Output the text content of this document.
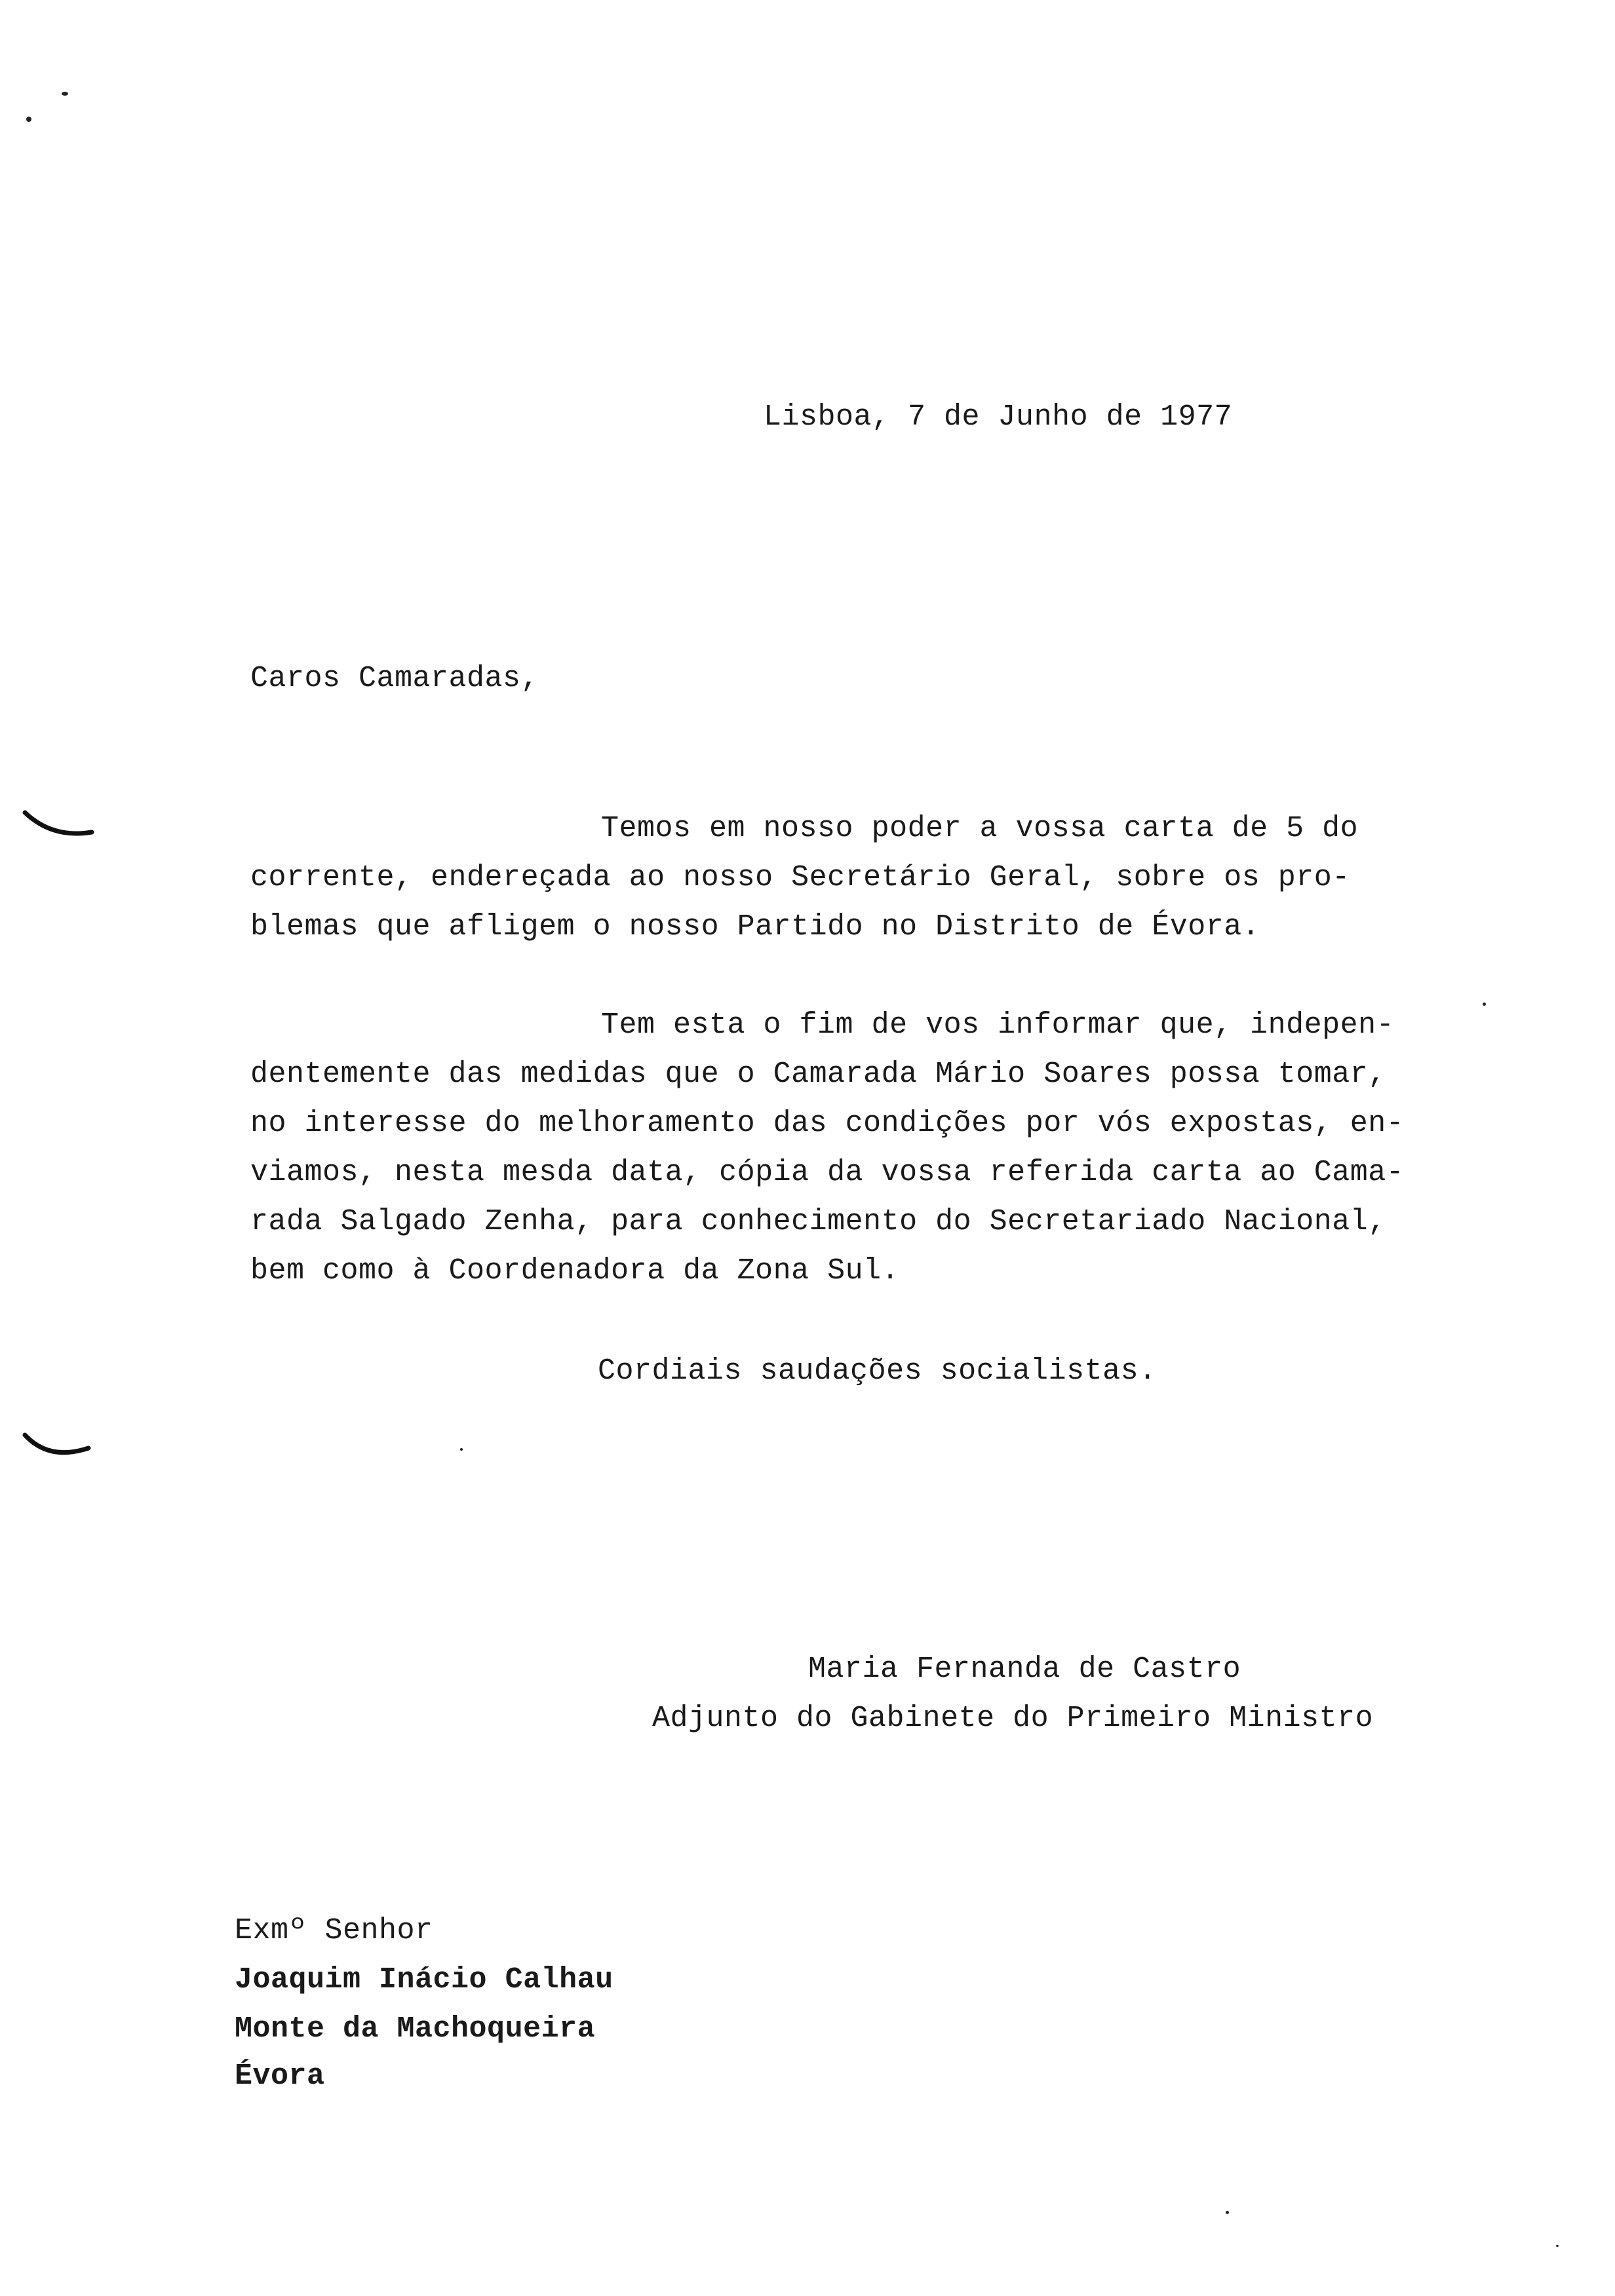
Lisboa, 7 de Junho de 1977
Caros Camaradas,
Temos em nosso poder a vossa carta de 5 do
corrente, endereçada ao nosso Secretário Geral, sobre os pro-
blemas que afligem o nosso Partido no Distrito de Évora.
Tem esta o fim de vos informar que, indepen-
dentemente das medidas que o Camarada Mário Soares possa tomar,
no interesse do melhoramento das condições por vós expostas, en-
viamos, nesta mesda data, cópia da vossa referida carta ao Cama-
rada Salgado Zenha, para conhecimento do Secretariado Nacional,
bem como à Coordenadora da Zona Sul.
Cordiais saudações socialistas.
Maria Fernanda de Castro
Adjunto do Gabinete do Primeiro Ministro
Exmº Senhor
Joaquim Inácio Calhau
Monte da Machoqueira
Évora
